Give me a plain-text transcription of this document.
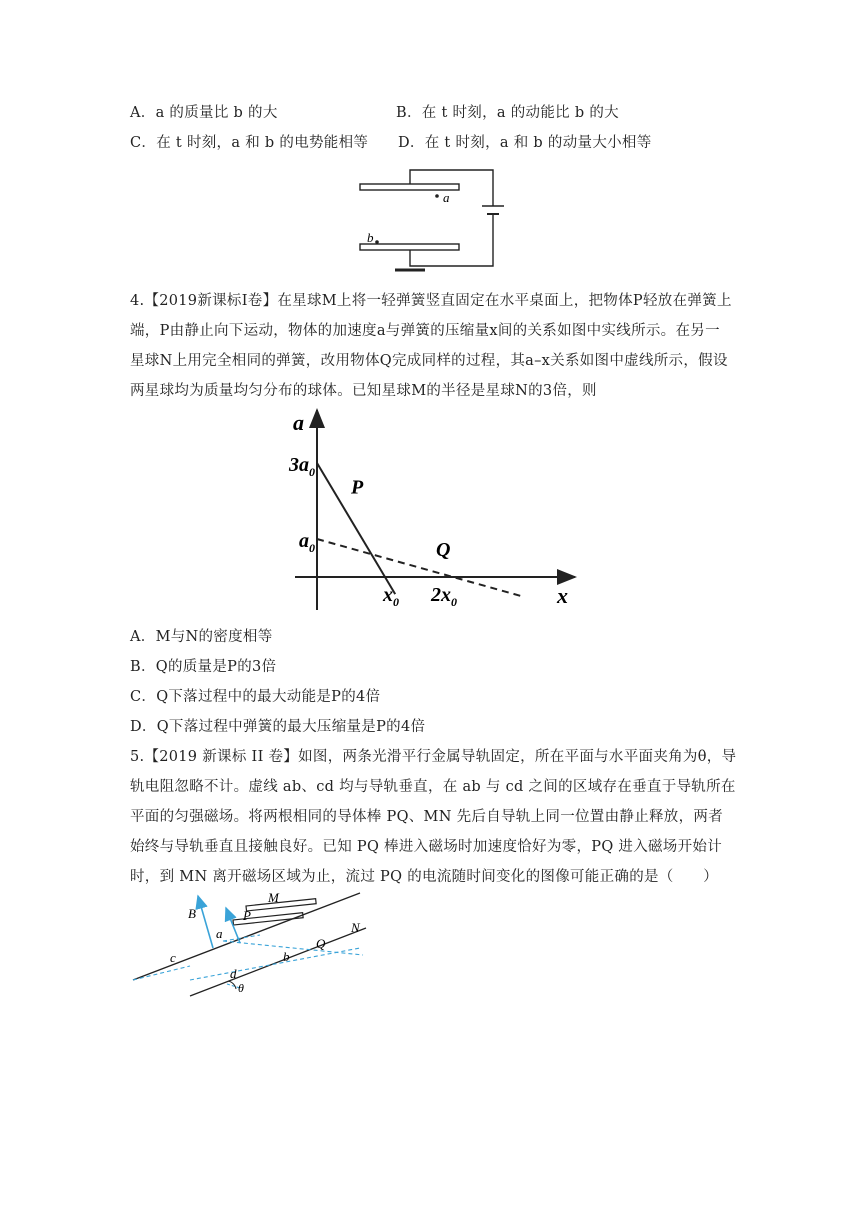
A．a 的质量比 b 的大	B．在 t 时刻，a 的动能比 b 的大
C．在 t 时刻，a 和 b 的电势能相等 D．在 t 时刻，a 和 b 的动量大小相等
a
b
4.【2019新课标I卷】在星球M上将一轻弹簧竖直固定在水平桌面上，把物体P轻放在弹簧上
端，P由静止向下运动，物体的加速度a与弹簧的压缩量x间的关系如图中实线所示。在另一
星球N上用完全相同的弹簧，改用物体Q完成同样的过程，其a–x关系如图中虚线所示，假设
两星球均为质量均匀分布的球体。已知星球M的半径是星球N的3倍，则
a
x
P
Q
$3a_0$
$a_0$
$x_0$ $2x_0$
A．M与N的密度相等
B．Q的质量是P的3倍
C．Q下落过程中的最大动能是P的4倍
D．Q下落过程中弹簧的最大压缩量是P的4倍
5.【2019 新课标 II 卷】如图，两条光滑平行金属导轨固定，所在平面与水平面夹角为θ，导
轨电阻忽略不计。虚线 ab、cd 均与导轨垂直，在 ab 与 cd 之间的区域存在垂直于导轨所在
平面的匀强磁场。将两根相同的导体棒 PQ、MN 先后自导轨上同一位置由静止释放，两者
始终与导轨垂直且接触良好。已知 PQ 棒进入磁场时加速度恰好为零，PQ 进入磁场开始计
时，到 MN 离开磁场区域为止，流过 PQ 的电流随时间变化的图像可能正确的是（　　）
M
N
P
Q
B
a
b
c
d
θ
